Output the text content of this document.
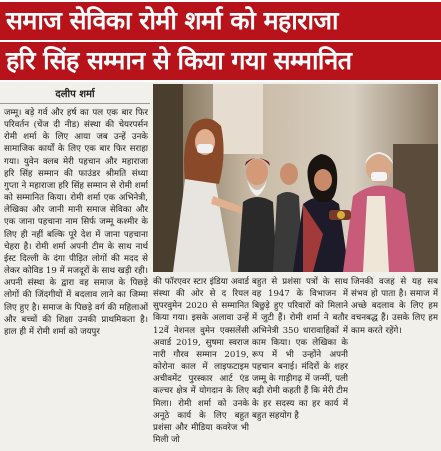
समाज सेविका रोमी शर्मा को महाराजा
हरि सिंह सम्मान से किया गया सम्मानित
दलीप शर्मा

जम्मू। बड़े गर्व और हर्ष का पल एक बार फिर परिवर्तन (चेंज दी नीड) संस्था की चेयरपर्सन रोमी शर्मा के लिए आया जब उन्हें उनके सामाजिक कार्यों के लिए एक बार फिर सराहा गया। युवेन क्लब मेरी पहचान और महाराजा हरि सिंह सम्मान की फाउंडर श्रीमति संध्या गुप्ता ने महाराजा हरि सिंह सम्मान से रोमी शर्मा को सम्मानित किया। रोमी शर्मा एक अभिनेत्री, लेखिका और जानी मानी समाज सेविका और एक जाना पहचाना नाम सिर्फ जम्मू कश्मीर के लिए ही नहीं बल्कि पूरे देश में जाना पहचाना चेहरा है। रोमी शर्मा अपनी टीम के साथ नार्थ ईस्ट दिल्ली के दंगा पीड़ित लोगों की मदद से लेकर कोविड 19 में मजदूरों के साथ खड़ी रही। अपनी संस्था के द्वारा वह समाज के पिछड़े लोगों की जिंदगीयों में बदलाव लाने का जिम्मा लिए हुए है। समाज के पिछड़े वर्ग की महिलाओं और बच्चों की शिक्षा उनकी प्राथमिकता है। हाल ही में रोमी शर्मा को जयपुर

की फॉरएवर स्टार इंडिया अवार्ड संस्था की ओर से द रियल सुपरवुमेन 2020 से सम्मानित किया गया। इसके अलावा उन्हें 12वें नेशनल वुमेन एक्सलेंसी अवार्ड 2019, सुषमा स्वराज नारी गौरव सम्मान 2019, कोरोना काल में लाइफटाइम अचीवमेंट पुरस्कार आर्ट एंड कल्चर क्षेत्र में योगदान के लिए मिला। रोमी शर्मा को उनके अनूठे कार्य के लिए बहुत प्रशंसा और मीडिया कवरेज भी मिली जो

बहुत से प्रशंसा पत्रों के साथ वह 1947 के विभाजन में बिछुड़े हुए परिवारों को मिलाने में जुटी हैं। रोमी शर्मा ने बतौर अभिनेत्री 350 धारावाहिकों में काम किया। एक लेखिका के रूप में भी उन्होंने अपनी पहचान बनाई। मंदिरों के शहर जम्मू के गाड़ीगढ़ में जन्मीं, पली बढ़ी रोमी कहती हैं कि मेरी टीम के हर सदस्य का हर कार्य में बहुत सहयोग है

जिनकी वजह से यह सब संभव हो पाता है। समाज में अच्छे बदलाव के लिए हम वचनबद्ध हैं। उसके लिए हम काम करते रहेंगे।
